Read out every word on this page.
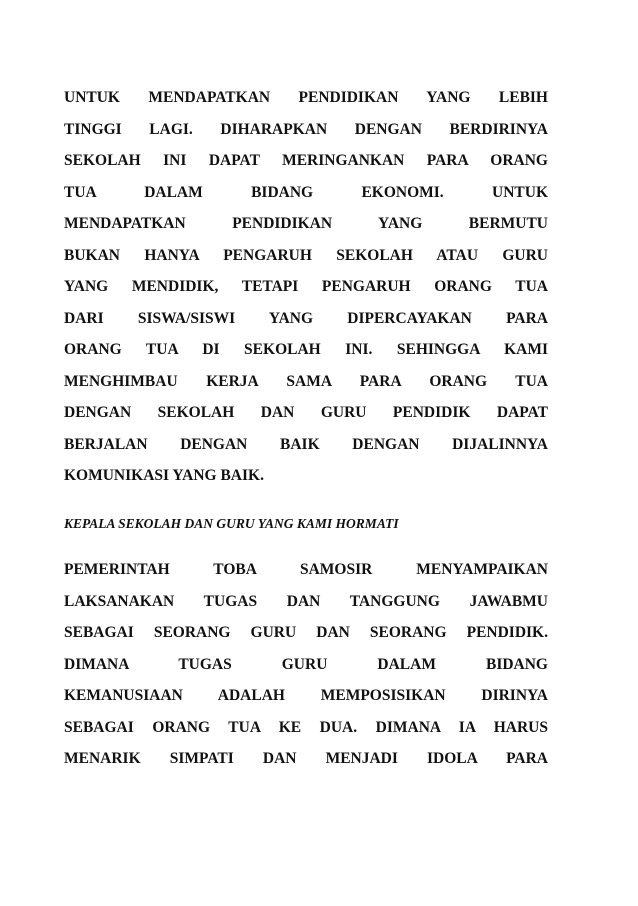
UNTUK MENDAPATKAN PENDIDIKAN YANG LEBIH
TINGGI LAGI. DIHARAPKAN DENGAN BERDIRINYA
SEKOLAH INI DAPAT MERINGANKAN PARA ORANG
TUA DALAM BIDANG EKONOMI. UNTUK
MENDAPATKAN PENDIDIKAN YANG BERMUTU
BUKAN HANYA PENGARUH SEKOLAH ATAU GURU
YANG MENDIDIK, TETAPI PENGARUH ORANG TUA
DARI SISWA/SISWI YANG DIPERCAYAKAN PARA
ORANG TUA DI SEKOLAH INI. SEHINGGA KAMI
MENGHIMBAU KERJA SAMA PARA ORANG TUA
DENGAN SEKOLAH DAN GURU PENDIDIK DAPAT
BERJALAN DENGAN BAIK DENGAN DIJALINNYA
KOMUNIKASI YANG BAIK.

KEPALA SEKOLAH DAN GURU YANG KAMI HORMATI

PEMERINTAH TOBA SAMOSIR MENYAMPAIKAN
LAKSANAKAN TUGAS DAN TANGGUNG JAWABMU
SEBAGAI SEORANG GURU DAN SEORANG PENDIDIK.
DIMANA TUGAS GURU DALAM BIDANG
KEMANUSIAAN ADALAH MEMPOSISIKAN DIRINYA
SEBAGAI ORANG TUA KE DUA. DIMANA IA HARUS
MENARIK SIMPATI DAN MENJADI IDOLA PARA
